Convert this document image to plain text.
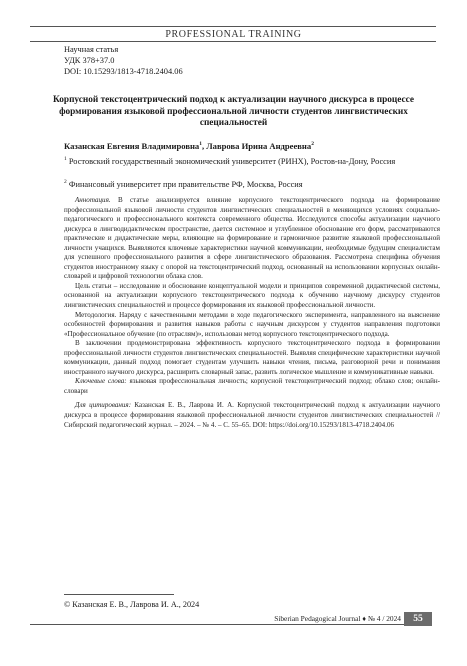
PROFESSIONAL TRAINING
Научная статья
УДК 378+37.0
DOI: 10.15293/1813-4718.2404.06
Корпусной текстоцентрический подход к актуализации научного дискурса в процессе формирования языковой профессиональной личности студентов лингвистических специальностей
Казанская Евгения Владимировна$^1$, Лаврова Ирина Андреевна$^2$
$^1$ Ростовский государственный экономический университет (РИНХ), Ростов-на-Дону, Россия
$^2$ Финансовый университет при правительстве РФ, Москва, Россия

Аннотация. В статье анализируется влияние корпусного текстоцентрического подхода на формирование профессиональной языковой личности студентов лингвистических специальностей в меняющихся условиях социально-педагогического и профессионального контекста современного общества. Исследуются способы актуализации научного дискурса в лингводидактическом пространстве, дается системное и углубленное обоснование его форм, рассматриваются практические и дидактические меры, влияющие на формирование и гармоничное развитие языковой профессиональной личности учащихся. Выявляются ключевые характеристики научной коммуникации, необходимые будущим специалистам для успешного профессионального развития в сфере лингвистического образования. Рассмотрена специфика обучения студентов иностранному языку с опорой на текстоцентрический подход, основанный на использовании корпусных онлайн-словарей и цифровой технологии облака слов.

Цель статьи – исследование и обоснование концептуальной модели и принципов современной дидактической системы, основанной на актуализации корпусного текстоцентрического подхода к обучению научному дискурсу студентов лингвистических специальностей и процессе формирования их языковой профессиональной личности.

Методология. Наряду с качественными методами в ходе педагогического эксперимента, направленного на выяснение особенностей формирования и развития навыков работы с научным дискурсом у студентов направления подготовки «Профессиональное обучение (по отраслям)», использован метод корпусного текстоцентрического подхода.

В заключении продемонстрирована эффективность корпусного текстоцентрического подхода в формировании профессиональной личности студентов лингвистических специальностей. Выявляя специфические характеристики научной коммуникации, данный подход помогает студентам улучшить навыки чтения, письма, разговорной речи и понимания иностранного научного дискурса, расширить словарный запас, развить логическое мышление и коммуникативные навыки.

Ключевые слова: языковая профессиональная личность; корпусной текстоцентрический подход; облако слов; онлайн-словари

Для цитирования: Казанская Е. В., Лаврова И. А. Корпусной текстоцентрический подход к актуализации научного дискурса в процессе формирования языковой профессиональной личности студентов лингвистических специальностей // Сибирский педагогический журнал. – 2024. – № 4. – С. 55–65. DOI: https://doi.org/10.15293/1813-4718.2404.06

© Казанская Е. В., Лаврова И. А., 2024
Siberian Pedagogical Journal ♦ № 4 / 2024	55
